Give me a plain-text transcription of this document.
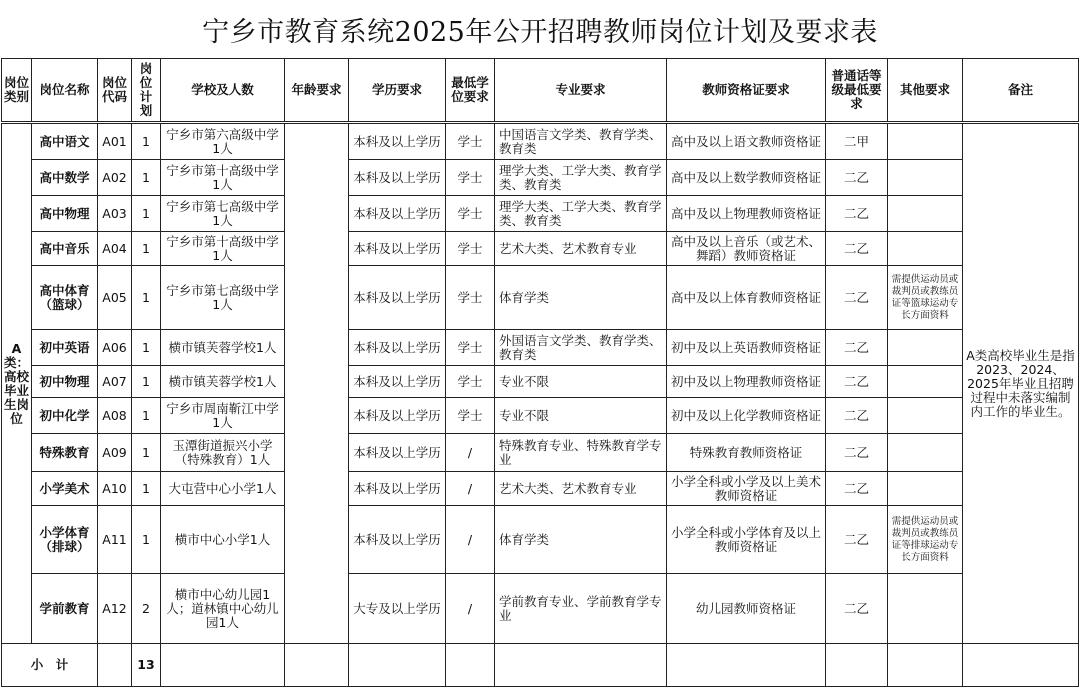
宁乡市教育系统2025年公开招聘教师岗位计划及要求表
岗位类别	岗位名称	岗位代码	岗位计划	学校及人数	年龄要求	学历要求	最低学位要求	专业要求	教师资格证要求	普通话等级最低要求	其他要求	备注
A类：高校毕业生岗位	高中语文	A01	1	宁乡市第六高级中学1人		本科及以上学历	学士	中国语言文学类、教育学类、教育类	高中及以上语文教师资格证	二甲		A类高校毕业生是指2023、2024、2025年毕业且招聘过程中未落实编制内工作的毕业生。
	高中数学	A02	1	宁乡市第十高级中学1人		本科及以上学历	学士	理学大类、工学大类、教育学类、教育类	高中及以上数学教师资格证	二乙		
	高中物理	A03	1	宁乡市第七高级中学1人		本科及以上学历	学士	理学大类、工学大类、教育学类、教育类	高中及以上物理教师资格证	二乙		
	高中音乐	A04	1	宁乡市第十高级中学1人		本科及以上学历	学士	艺术大类、艺术教育专业	高中及以上音乐（或艺术、舞蹈）教师资格证	二乙		
	高中体育（篮球）	A05	1	宁乡市第七高级中学1人		本科及以上学历	学士	体育学类	高中及以上体育教师资格证	二乙	需提供运动员或裁判员或教练员证等篮球运动专长方面资料	
	初中英语	A06	1	横市镇芙蓉学校1人		本科及以上学历	学士	外国语言文学类、教育学类、教育类	初中及以上英语教师资格证	二乙		
	初中物理	A07	1	横市镇芙蓉学校1人		本科及以上学历	学士	专业不限	初中及以上物理教师资格证	二乙		
	初中化学	A08	1	宁乡市周南靳江中学1人		本科及以上学历	学士	专业不限	初中及以上化学教师资格证	二乙		
	特殊教育	A09	1	玉潭街道振兴小学（特殊教育）1人		本科及以上学历	/	特殊教育专业、特殊教育学专业	特殊教育教师资格证	二乙		
	小学美术	A10	1	大屯营中心小学1人		本科及以上学历	/	艺术大类、艺术教育专业	小学全科或小学及以上美术教师资格证	二乙		
	小学体育（排球）	A11	1	横市中心小学1人		本科及以上学历	/	体育学类	小学全科或小学体育及以上教师资格证	二乙	需提供运动员或裁判员或教练员证等排球运动专长方面资料	
	学前教育	A12	2	横市中心幼儿园1人；道林镇中心幼儿园1人		大专及以上学历	/	学前教育专业、学前教育学专业	幼儿园教师资格证	二乙		
小　计			13									
